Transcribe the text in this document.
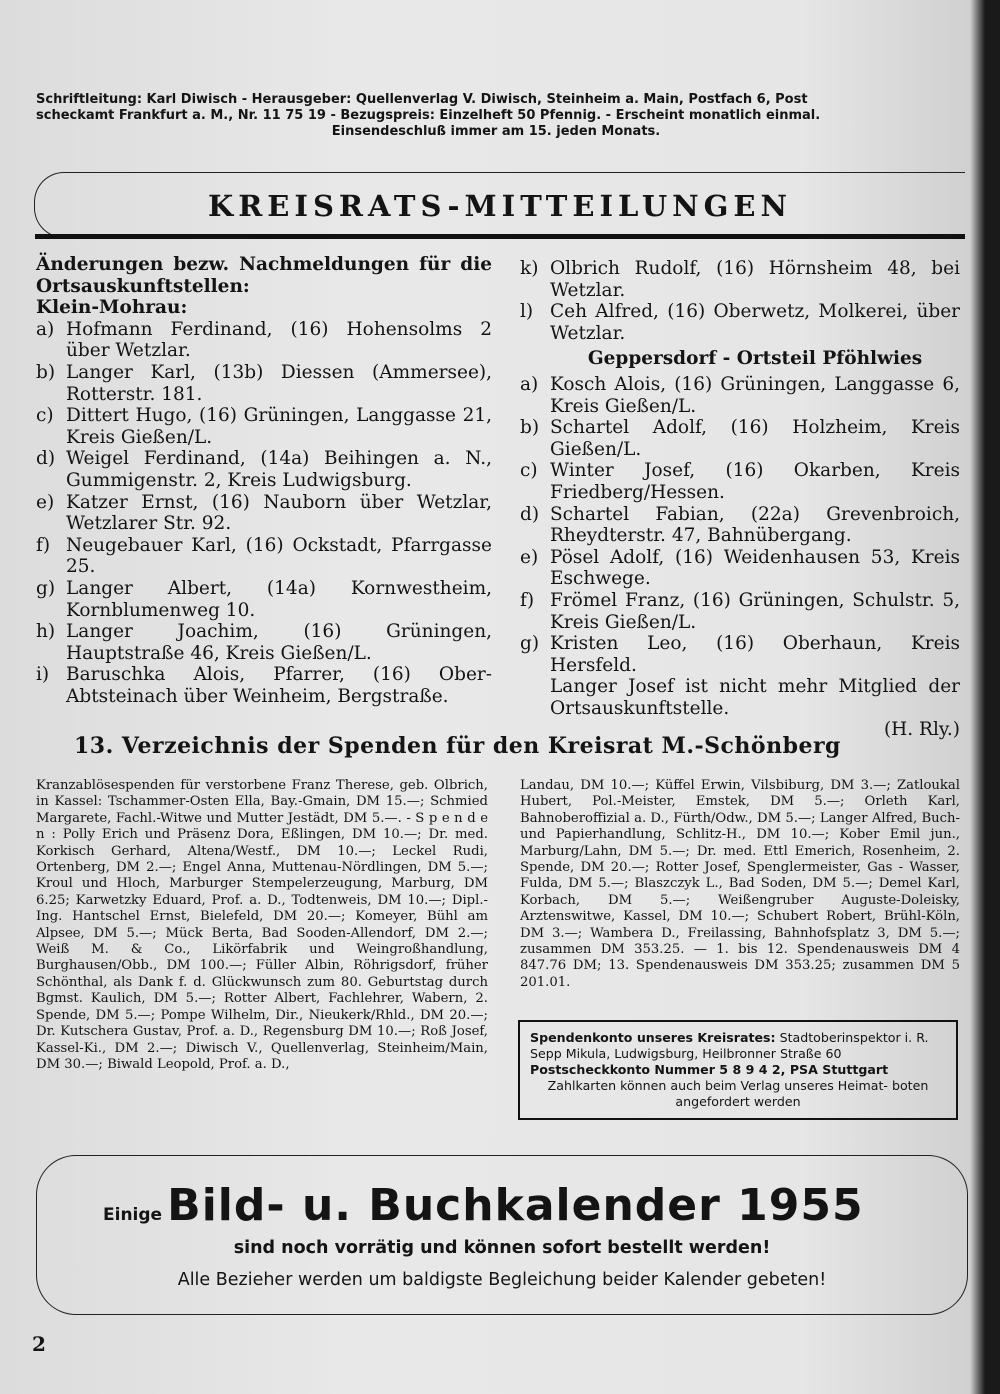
Schriftleitung: Karl Diwisch - Herausgeber: Quellenverlag V. Diwisch, Steinheim a. Main, Postfach 6, Post
scheckamt Frankfurt a. M., Nr. 11 75 19 - Bezugspreis: Einzelheft 50 Pfennig. - Erscheint monatlich einmal.
Einsendeschluß immer am 15. jeden Monats.
KREISRATS-MITTEILUNGEN

Änderungen bezw. Nachmeldungen für die Ortsauskunftstellen:

Klein-Mohrau:

a) Hofmann Ferdinand, (16) Hohensolms 2 über Wetzlar.
b) Langer Karl, (13b) Diessen (Ammersee), Rotterstr. 181.
c) Dittert Hugo, (16) Grüningen, Langgasse 21, Kreis Gießen/L.
d) Weigel Ferdinand, (14a) Beihingen a. N., Gummigenstr. 2, Kreis Ludwigsburg.
e) Katzer Ernst, (16) Nauborn über Wetzlar, Wetzlarer Str. 92.
f) Neugebauer Karl, (16) Ockstadt, Pfarrgasse 25.
g) Langer Albert, (14a) Kornwestheim, Kornblumenweg 10.
h) Langer Joachim, (16) Grüningen, Hauptstraße 46, Kreis Gießen/L.
i) Baruschka Alois, Pfarrer, (16) Ober-Abtsteinach über Weinheim, Bergstraße.
k) Olbrich Rudolf, (16) Hörnsheim 48, bei Wetzlar.
l) Ceh Alfred, (16) Oberwetz, Molkerei, über Wetzlar.

Geppersdorf - Ortsteil Pföhlwies

a) Kosch Alois, (16) Grüningen, Langgasse 6, Kreis Gießen/L.
b) Schartel Adolf, (16) Holzheim, Kreis Gießen/L.
c) Winter Josef, (16) Okarben, Kreis Friedberg/Hessen.
d) Schartel Fabian, (22a) Grevenbroich, Rheydterstr. 47, Bahnübergang.
e) Pösel Adolf, (16) Weidenhausen 53, Kreis Eschwege.
f) Frömel Franz, (16) Grüningen, Schulstr. 5, Kreis Gießen/L.
g) Kristen Leo, (16) Oberhaun, Kreis Hersfeld.

Langer Josef ist nicht mehr Mitglied der Ortsauskunftstelle.

(H. Rly.)

13. Verzeichnis der Spenden für den Kreisrat M.-Schönberg

Kranzablösespenden für verstorbene Franz Therese, geb. Olbrich, in Kassel: Tschammer-Osten Ella, Bay.-Gmain, DM 15.—; Schmied Margarete, Fachl.-Witwe und Mutter Jestädt, DM 5.—. - S p e n d e n : Polly Erich und Präsenz Dora, Eßlingen, DM 10.—; Dr. med. Korkisch Gerhard, Altena/Westf., DM 10.—; Leckel Rudi, Ortenberg, DM 2.—; Engel Anna, Muttenau-Nördlingen, DM 5.—; Kroul und Hloch, Marburger Stempelerzeugung, Marburg, DM 6.25; Karwetzky Eduard, Prof. a. D., Todtenweis, DM 10.—; Dipl.-Ing. Hantschel Ernst, Bielefeld, DM 20.—; Komeyer, Bühl am Alpsee, DM 5.—; Mück Berta, Bad Sooden-Allendorf, DM 2.—; Weiß M. & Co., Likörfabrik und Weingroßhandlung, Burghausen/Obb., DM 100.—; Füller Albin, Röhrigsdorf, früher Schönthal, als Dank f. d. Glückwunsch zum 80. Geburtstag durch Bgmst. Kaulich, DM 5.—; Rotter Albert, Fachlehrer, Wabern, 2. Spende, DM 5.—; Pompe Wilhelm, Dir., Nieukerk/Rhld., DM 20.—; Dr. Kutschera Gustav, Prof. a. D., Regensburg DM 10.—; Roß Josef, Kassel-Ki., DM 2.—; Diwisch V., Quellenverlag, Steinheim/Main, DM 30.—; Biwald Leopold, Prof. a. D.,

Landau, DM 10.—; Küffel Erwin, Vilsbiburg, DM 3.—; Zatloukal Hubert, Pol.-Meister, Emstek, DM 5.—; Orleth Karl, Bahnoberoffizial a. D., Fürth/Odw., DM 5.—; Langer Alfred, Buch- und Papierhandlung, Schlitz-H., DM 10.—; Kober Emil jun., Marburg/Lahn, DM 5.—; Dr. med. Ettl Emerich, Rosenheim, 2. Spende, DM 20.—; Rotter Josef, Spenglermeister, Gas - Wasser, Fulda, DM 5.—; Blaszczyk L., Bad Soden, DM 5.—; Demel Karl, Korbach, DM 5.—; Weißengruber Auguste-Doleisky, Arztenswitwe, Kassel, DM 10.—; Schubert Robert, Brühl-Köln, DM 3.—; Wambera D., Freilassing, Bahnhofsplatz 3, DM 5.—; zusammen DM 353.25. — 1. bis 12. Spendenausweis DM 4 847.76 DM; 13. Spendenausweis DM 353.25; zusammen DM 5 201.01.

Spendenkonto unseres Kreisrates: Stadtoberinspektor i. R. Sepp Mikula, Ludwigsburg, Heilbronner Straße 60
Postscheckkonto Nummer 5 8 9 4 2, PSA Stuttgart
Zahlkarten können auch beim Verlag unseres Heimat- boten angefordert werden
Einige Bild- u. Buchkalender 1955
sind noch vorrätig und können sofort bestellt werden!
Alle Bezieher werden um baldigste Begleichung beider Kalender gebeten!
2
